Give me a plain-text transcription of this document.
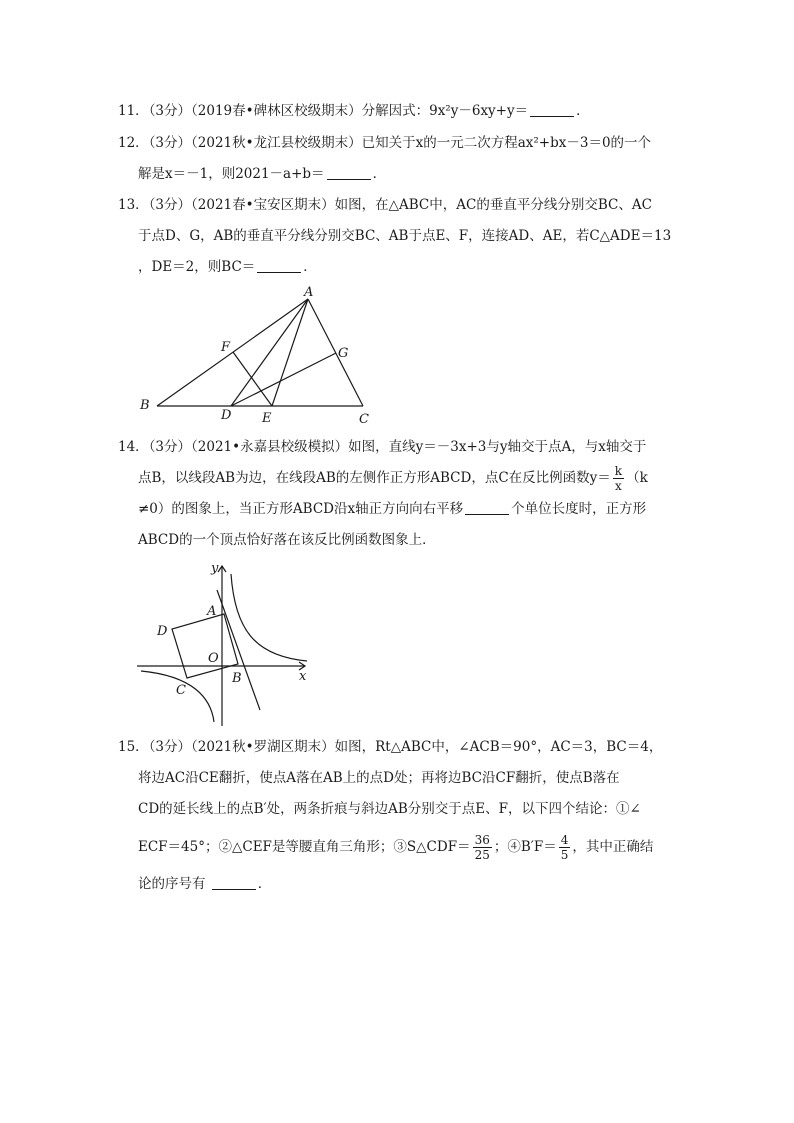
11．（3分）（2019春•碑林区校级期末）分解因式：9x²y－6xy+y＝	．
12．（3分）（2021秋•龙江县校级期末）已知关于x的一元二次方程ax²+bx－3＝0的一个
解是x＝－1，则2021－a+b＝	．
13．（3分）（2021春•宝安区期末）如图，在△ABC中，AC的垂直平分线分别交BC、AC
于点D、G，AB的垂直平分线分别交BC、AB于点E、F，连接AD、AE，若C△ADE＝13
，DE＝2，则BC＝	．
A
B
C
D E
F	G
14．（3分）（2021•永嘉县校级模拟）如图，直线y＝－3x+3与y轴交于点A，与x轴交于
点B，以线段AB为边，在线段AB的左侧作正方形ABCD，点C在反比例函数$y= \frac{k}{x} (k$
≠0）的图象上，当正方形ABCD沿x轴正方向向右平移	个单位长度时，正方形
ABCD的一个顶点恰好落在该反比例函数图象上．
y
x
O
A
B
C
D
15．（3分）（2021秋•罗湖区期末）如图，Rt△ABC中，∠ACB＝90°，AC＝3，BC＝4，
将边AC沿CE翻折，使点A落在AB上的点D处；再将边BC沿CF翻折，使点B落在
CD的延长线上的点B′处，两条折痕与斜边AB分别交于点E、F，以下四个结论：①∠
ECF＝45°；②△CEF是等腰直角三角形；③S△CDF＝ $\frac{36}{25}$ ；④B′F＝ $\frac{4}{5}$ ，其中正确结
论的序号有	．
